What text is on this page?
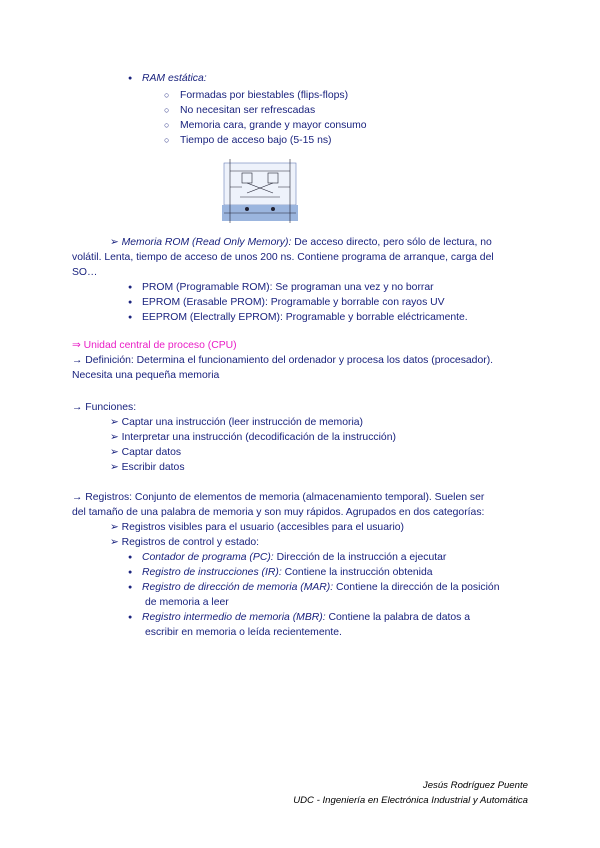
●RAM estática:
○Formadas por biestables (flips-flops)
○No necesitan ser refrescadas
○Memoria cara, grande y mayor consumo
○Tiempo de acceso bajo (5-15 ns)
➢ Memoria ROM (Read Only Memory): De acceso directo, pero sólo de lectura, no
volátil. Lenta, tiempo de acceso de unos 200 ns. Contiene programa de arranque, carga del
SO…
●PROM (Programable ROM): Se programan una vez y no borrar
●EPROM (Erasable PROM): Programable y borrable con rayos UV
●EEPROM (Electrally EPROM): Programable y borrable eléctricamente.
⇒ Unidad central de proceso (CPU)
→ Definición: Determina el funcionamiento del ordenador y procesa los datos (procesador).
Necesita una pequeña memoria
→ Funciones:
➢ Captar una instrucción (leer instrucción de memoria)
➢ Interpretar una instrucción (decodificación de la instrucción)
➢ Captar datos
➢ Escribir datos
→ Registros: Conjunto de elementos de memoria (almacenamiento temporal). Suelen ser
del tamaño de una palabra de memoria y son muy rápidos. Agrupados en dos categorías:
➢ Registros visibles para el usuario (accesibles para el usuario)
➢ Registros de control y estado:
●Contador de programa (PC): Dirección de la instrucción a ejecutar
●Registro de instrucciones (IR): Contiene la instrucción obtenida
●Registro de dirección de memoria (MAR): Contiene la dirección de la posición
de memoria a leer
●Registro intermedio de memoria (MBR): Contiene la palabra de datos a
escribir en memoria o leída recientemente.
Jesús Rodríguez Puente
UDC - Ingeniería en Electrónica Industrial y Automática
